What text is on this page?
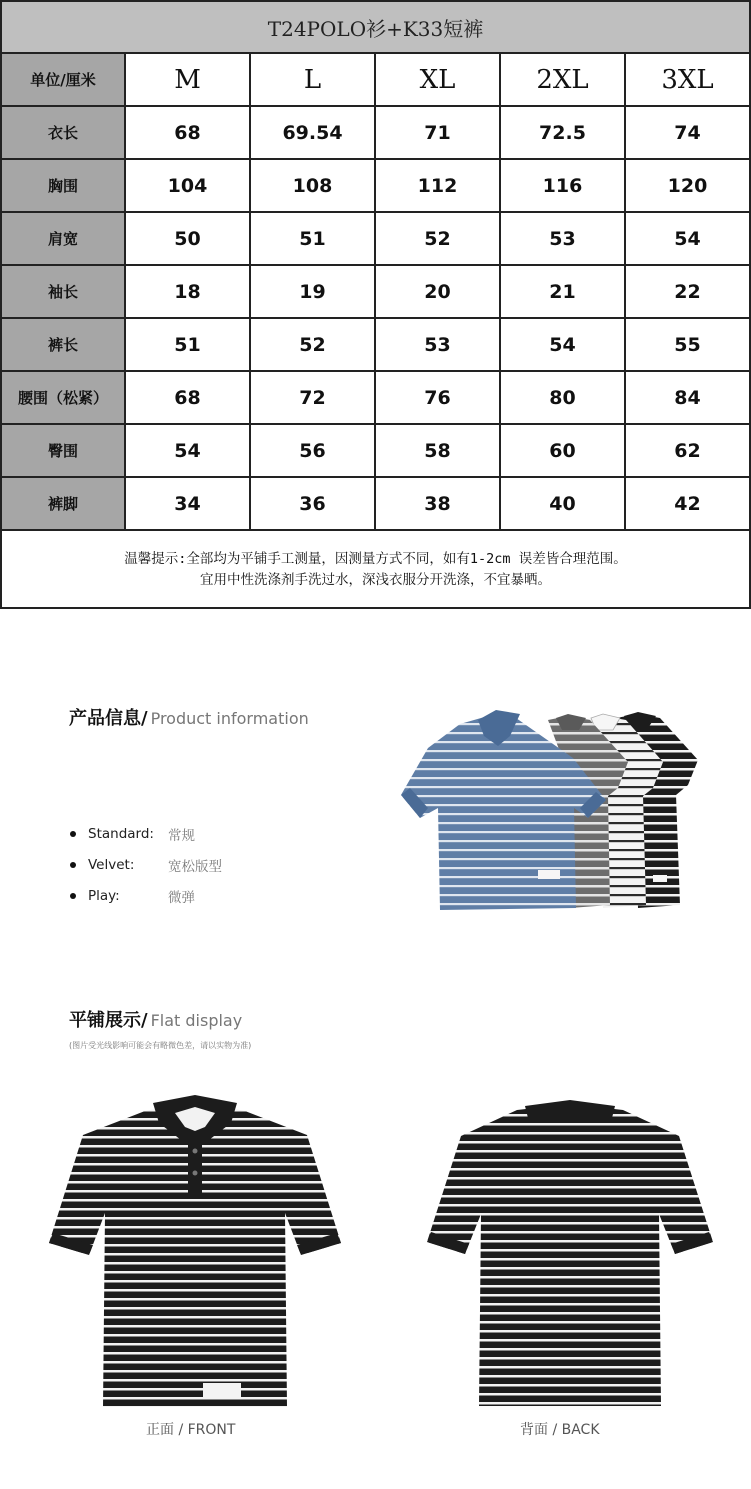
T24POLO衫+K33短裤
单位/厘米	M	L	XL	2XL	3XL
衣长	68	69.54	71	72.5	74
胸围	104	108	112	116	120
肩宽	50	51	52	53	54
袖长	18	19	20	21	22
裤长	51	52	53	54	55
腰围（松紧）	68	72	76	80	84
臀围	54	56	58	60	62
裤脚	34	36	38	40	42
温馨提示:全部均为平铺手工测量，因测量方式不同，如有1-2cm 误差皆合理范围。
宜用中性洗涤剂手洗过水，深浅衣服分开洗涤，不宜暴晒。
产品信息/ Product information
Standard:	常规
Velvet:	宽松版型
Play:	微弹
平铺展示/ Flat display
(图片受光线影响可能会有略微色差，请以实物为准)
正面 / FRONT	背面 / BACK
